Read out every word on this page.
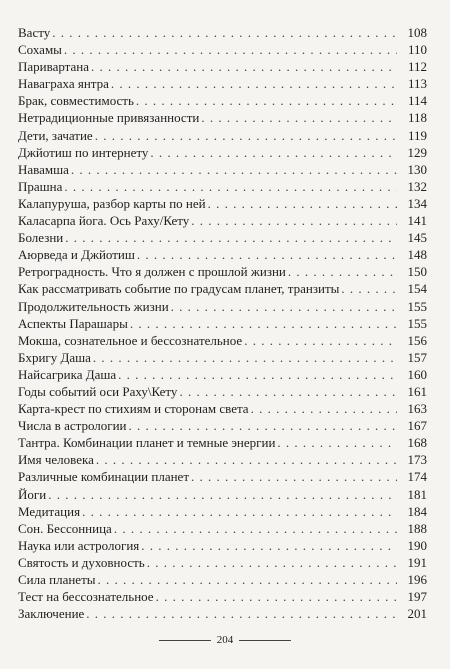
Васту . . .	108
Сохамы . . .	110
Паривартана . . .	112
Наваграха янтра . . .	113
Брак, совместимость . . .	114
Нетрадиционные привязанности . . .	118
Дети, зачатие . . .	119
Джйотиш по интернету . . .	129
Навамша . . .	130
Прашна . . .	132
Калапуруша, разбор карты по ней . . .	134
Каласарпа йога. Ось Раху/Кету . . .	141
Болезни . . .	145
Аюрведа и Джйотиш . . .	148
Ретроградность. Что я должен с прошлой жизни . . .	150
Как рассматривать событие по градусам планет, транзиты . . .	154
Продолжительность жизни . . .	155
Аспекты Парашары . . .	155
Мокша, сознательное и бессознательное . . .	156
Бхригу Даша . . .	157
Найсагрика Даша . . .	160
Годы событий оси Раху\Кету . . .	161
Карта-крест по стихиям и сторонам света . . .	163
Числа в астрологии . . .	167
Тантра. Комбинации планет и темные энергии . . .	168
Имя человека . . .	173
Различные комбинации планет . . .	174
Йоги . . .	181
Медитация . . .	184
Сон. Бессонница . . .	188
Наука или астрология . . .	190
Святость и духовность . . .	191
Сила планеты . . .	196
Тест на бессознательное . . .	197
Заключение . . .	201
204
